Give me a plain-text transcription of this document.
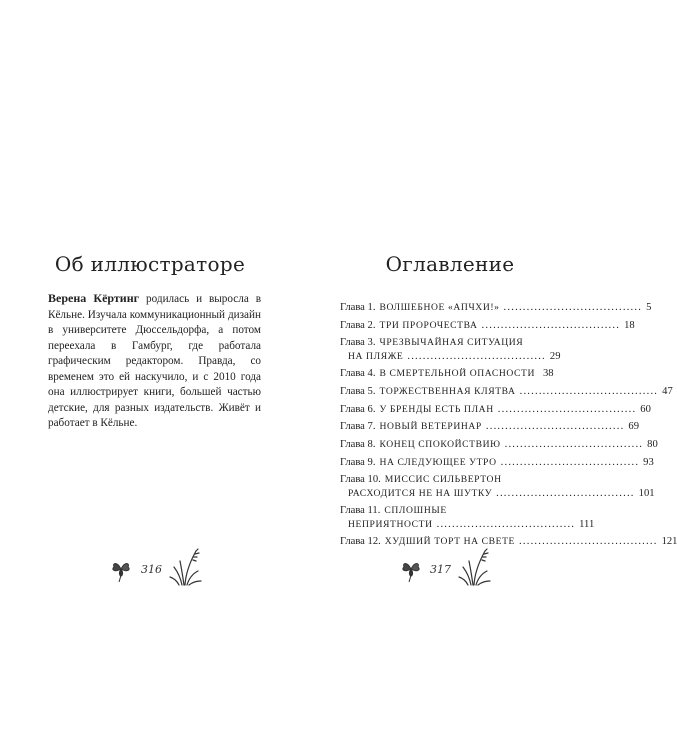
Об иллюстраторе

Верена Кёртинг родилась и выросла в Кёльне. Изучала коммуникационный дизайн в университете Дюссельдорфа, а потом переехала в Гамбург, где работала графическим редактором. Правда, со временем это ей наскучило, и с 2010 года она иллюстрирует книги, большей частью детские, для разных издательств. Живёт и работает в Кёльне.

316
Оглавление
Глава 1. ВОЛШЕБНОЕ «АПЧХИ!» .................................... 5
Глава 2. ТРИ ПРОРОЧЕСТВА .................................... 18
Глава 3. ЧРЕЗВЫЧАЙНАЯ СИТУАЦИЯ
НА ПЛЯЖЕ .................................... 29
Глава 4. В СМЕРТЕЛЬНОЙ ОПАСНОСТИ 38
Глава 5. ТОРЖЕСТВЕННАЯ КЛЯТВА .................................... 47
Глава 6. У БРЕНДЫ ЕСТЬ ПЛАН .................................... 60
Глава 7. НОВЫЙ ВЕТЕРИНАР .................................... 69
Глава 8. КОНЕЦ СПОКОЙСТВИЮ .................................... 80
Глава 9. НА СЛЕДУЮЩЕЕ УТРО .................................... 93
Глава 10. МИССИС СИЛЬВЕРТОН
РАСХОДИТСЯ НЕ НА ШУТКУ .................................... 101
Глава 11. СПЛОШНЫЕ
НЕПРИЯТНОСТИ .................................... 111
Глава 12. ХУДШИЙ ТОРТ НА СВЕТЕ .................................... 121
317
